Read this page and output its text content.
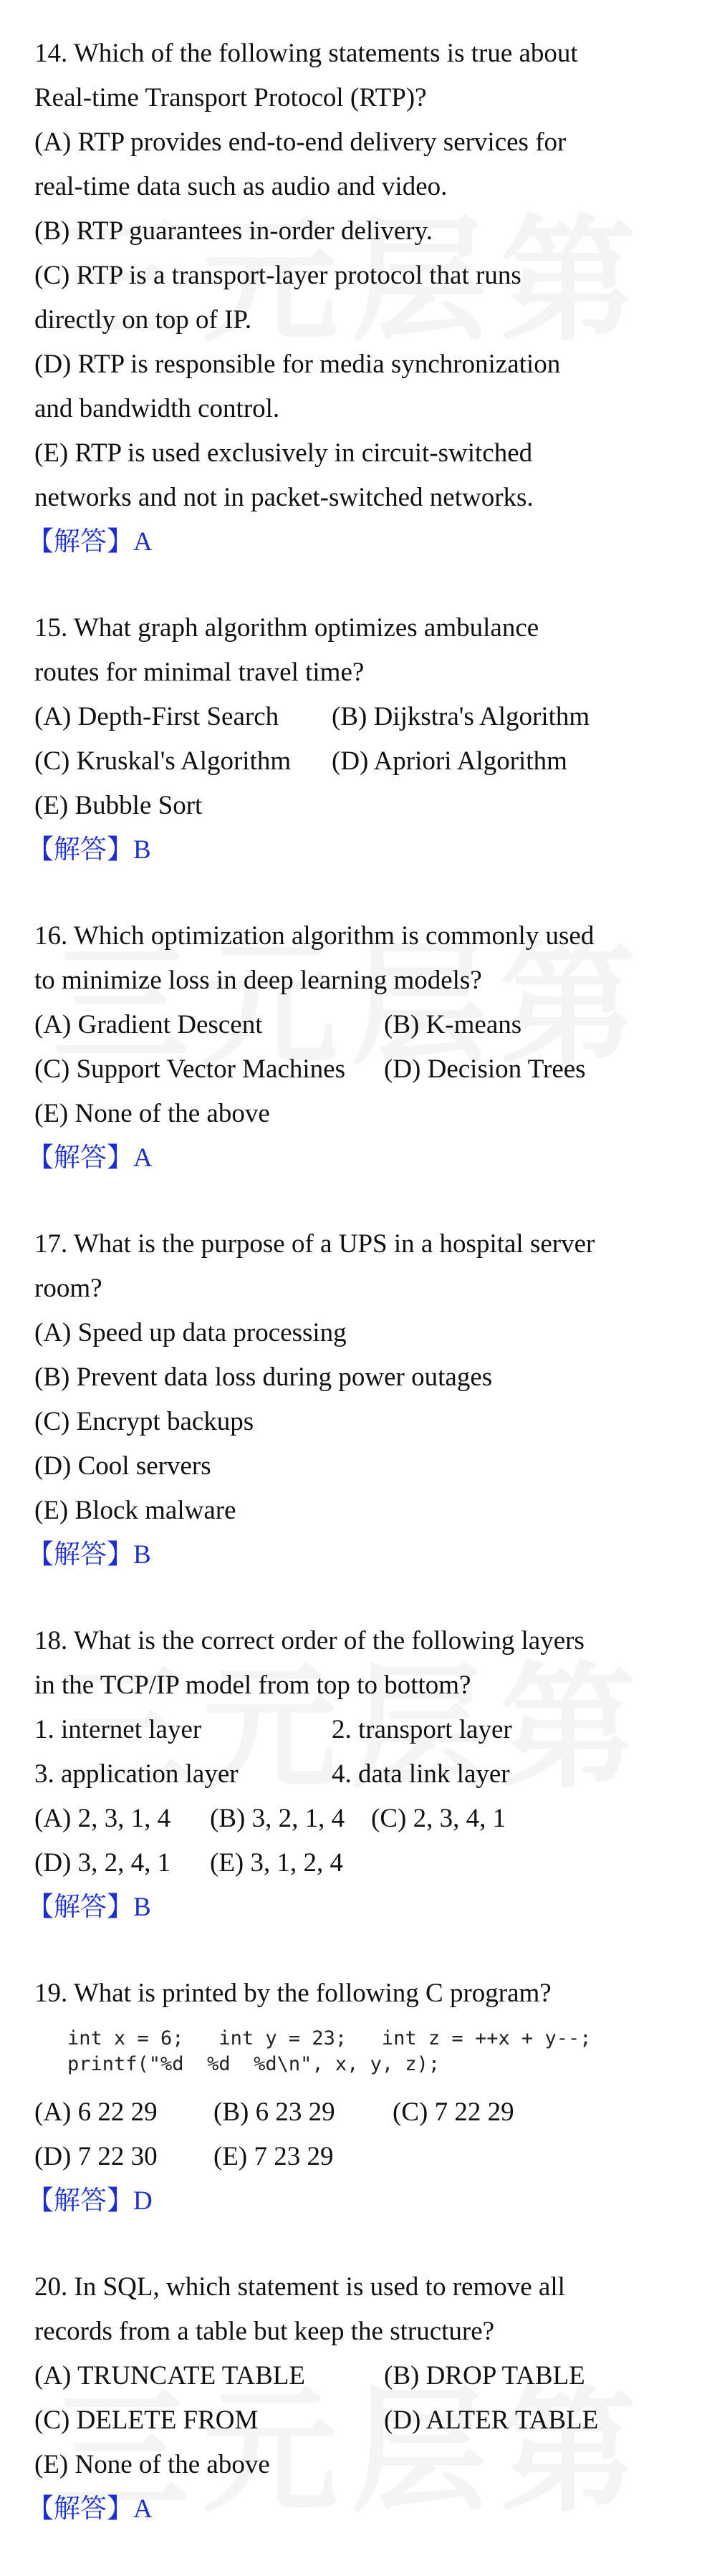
14. Which of the following statements is true about
Real-time Transport Protocol (RTP)?
(A) RTP provides end-to-end delivery services for
real-time data such as audio and video.
(B) RTP guarantees in-order delivery.
(C) RTP is a transport-layer protocol that runs
directly on top of IP.
(D) RTP is responsible for media synchronization
and bandwidth control.
(E) RTP is used exclusively in circuit-switched
networks and not in packet-switched networks.
【解答】A
15. What graph algorithm optimizes ambulance
routes for minimal travel time?
(A) Depth-First Search	(B) Dijkstra's Algorithm
(C) Kruskal's Algorithm	(D) Apriori Algorithm
(E) Bubble Sort
【解答】B
16. Which optimization algorithm is commonly used
to minimize loss in deep learning models?
(A) Gradient Descent	(B) K-means
(C) Support Vector Machines	(D) Decision Trees
(E) None of the above
【解答】A
17. What is the purpose of a UPS in a hospital server
room?
(A) Speed up data processing
(B) Prevent data loss during power outages
(C) Encrypt backups
(D) Cool servers
(E) Block malware
【解答】B
18. What is the correct order of the following layers
in the TCP/IP model from top to bottom?
1. internet layer	2. transport layer
3. application layer	4. data link layer
(A) 2, 3, 1, 4	(B) 3, 2, 1, 4 (C) 2, 3, 4, 1
(D) 3, 2, 4, 1	(E) 3, 1, 2, 4
【解答】B
19. What is printed by the following C program?
int x = 6;   int y = 23;   int z = ++x + y--;
printf("%d  %d  %d\n", x, y, z);
(A) 6 22 29	(B) 6 23 29	(C) 7 22 29
(D) 7 22 30	(E) 7 23 29
【解答】D
20. In SQL, which statement is used to remove all
records from a table but keep the structure?
(A) TRUNCATE TABLE	(B) DROP TABLE
(C) DELETE FROM	(D) ALTER TABLE
(E) None of the above
【解答】A
